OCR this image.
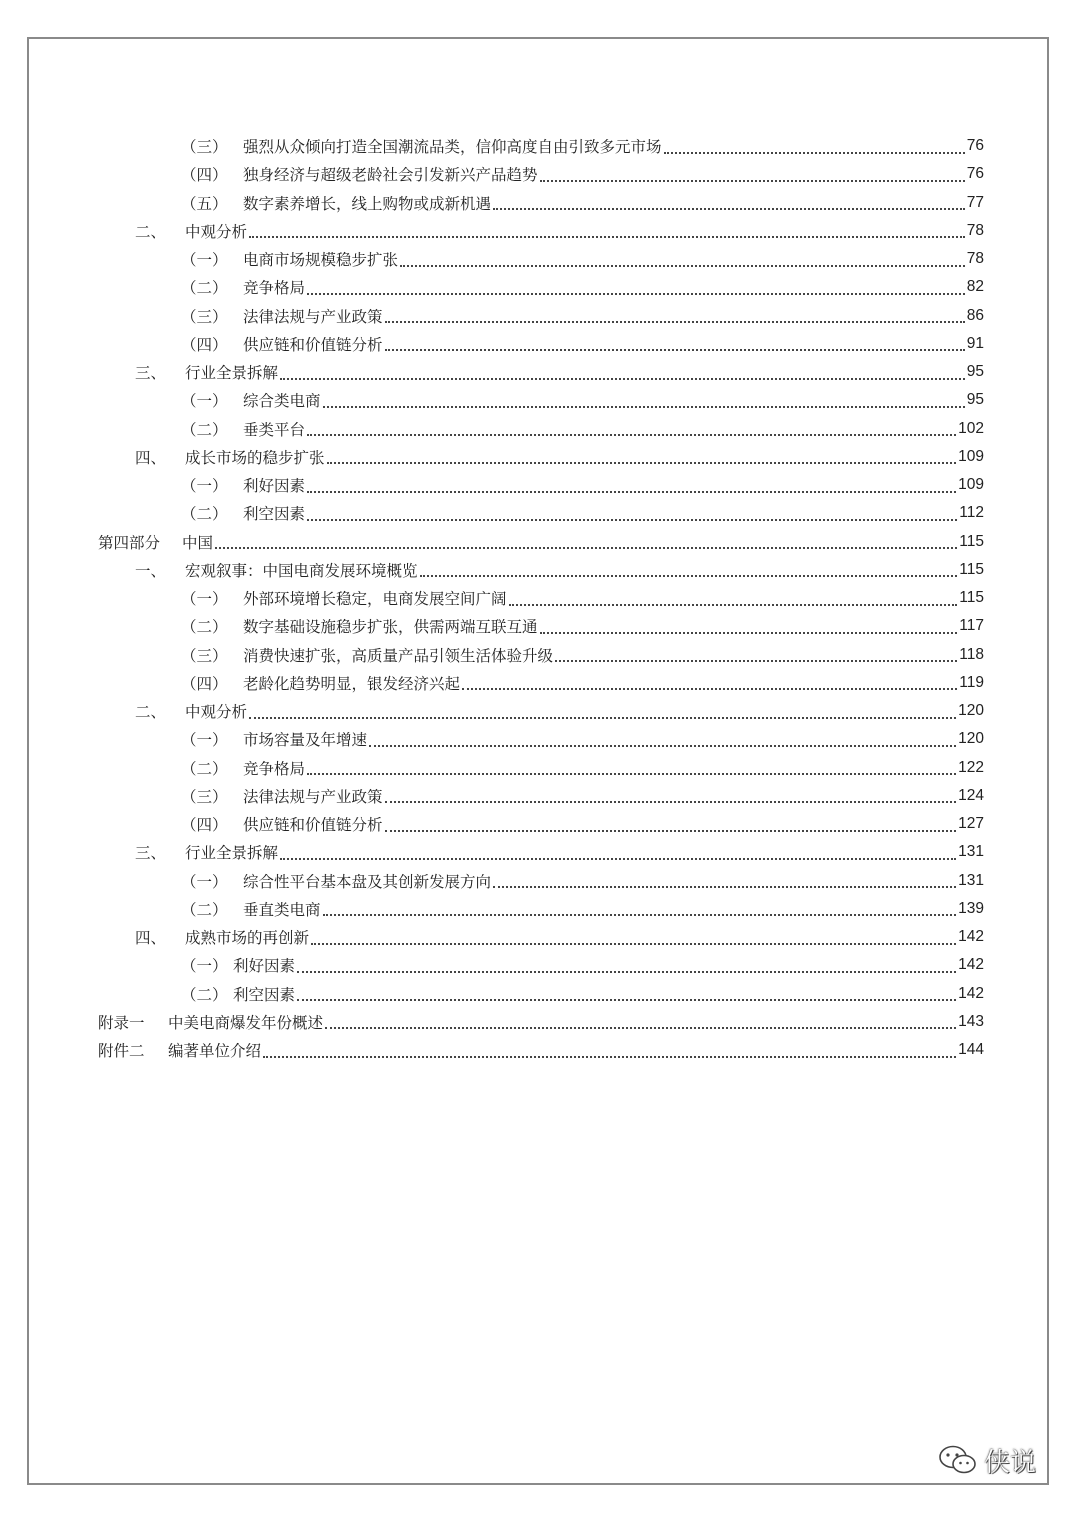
（三） 强烈从众倾向打造全国潮流品类，信仰高度自由引致多元市场	76
（四） 独身经济与超级老龄社会引发新兴产品趋势	76
（五） 数字素养增长，线上购物或成新机遇	77
二、	中观分析	78
（一） 电商市场规模稳步扩张	78
（二） 竞争格局	82
（三） 法律法规与产业政策	86
（四） 供应链和价值链分析	91
三、	行业全景拆解	95
（一） 综合类电商	95
（二） 垂类平台	102
四、	成长市场的稳步扩张	109
（一） 利好因素	109
（二） 利空因素	112
第四部分	中国	115
一、	宏观叙事：中国电商发展环境概览	115
（一） 外部环境增长稳定，电商发展空间广阔	115
（二） 数字基础设施稳步扩张，供需两端互联互通	117
（三） 消费快速扩张，高质量产品引领生活体验升级	118
（四） 老龄化趋势明显，银发经济兴起	119
二、	中观分析	120
（一） 市场容量及年增速	120
（二） 竞争格局	122
（三） 法律法规与产业政策	124
（四） 供应链和价值链分析	127
三、	行业全景拆解	131
（一） 综合性平台基本盘及其创新发展方向	131
（二） 垂直类电商	139
四、	成熟市场的再创新	142
（一） 利好因素	142
（二） 利空因素	142
附录一	中美电商爆发年份概述	143
附件二	编著单位介绍	144
侠说
